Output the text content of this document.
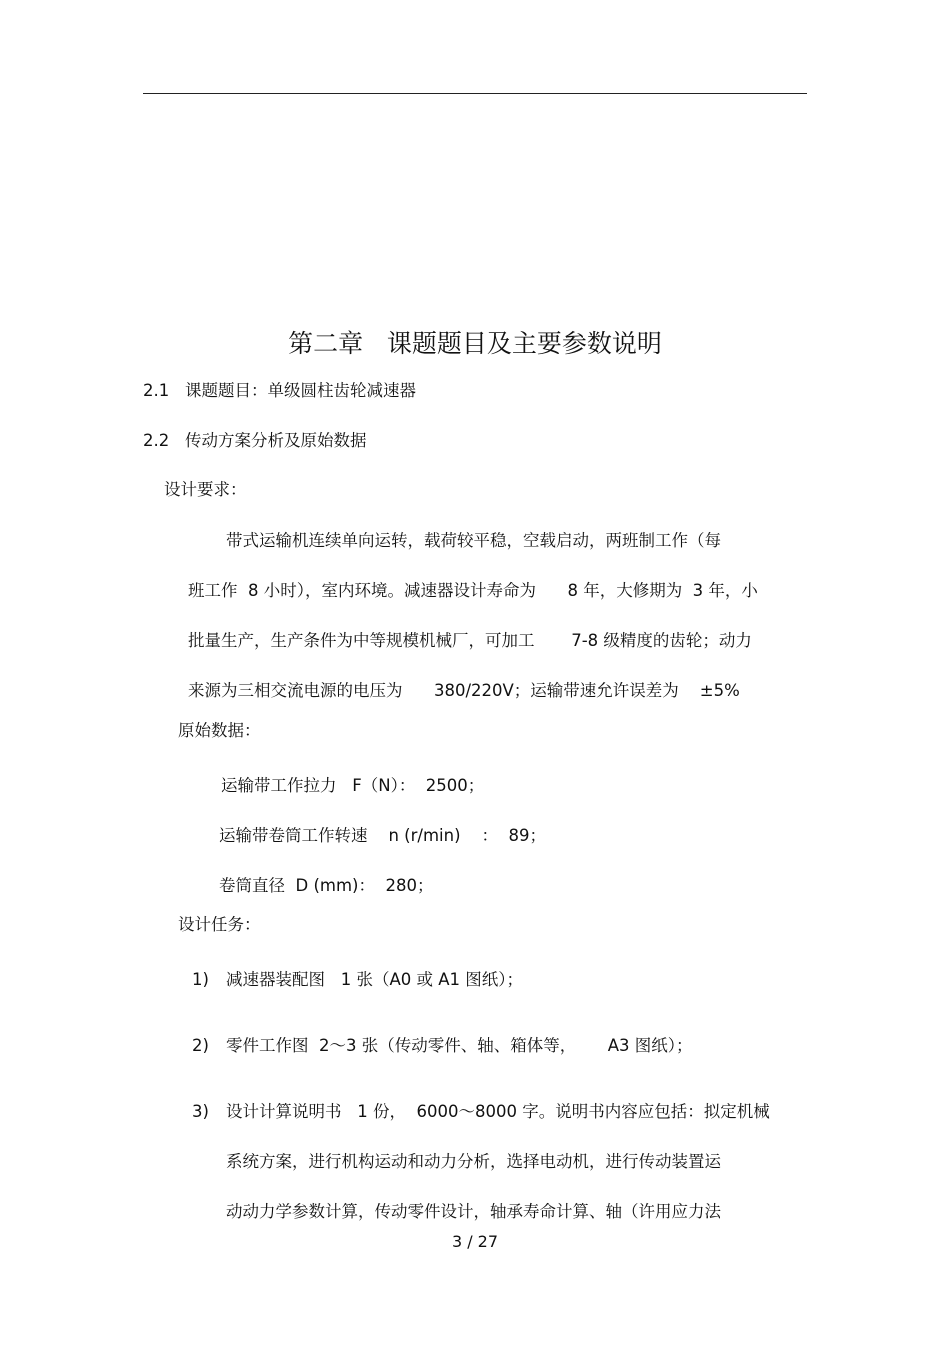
第二章   课题题目及主要参数说明
2.1   课题题目：单级圆柱齿轮减速器
2.2   传动方案分析及原始数据
设计要求：
带式运输机连续单向运转，载荷较平稳，空载启动，两班制工作（每
班工作  8 小时），室内环境。减速器设计寿命为      8 年，大修期为  3 年，小
批量生产，生产条件为中等规模机械厂，可加工       7-8 级精度的齿轮；动力
来源为三相交流电源的电压为      380/220V；运输带速允许误差为    ±5%
原始数据：
运输带工作拉力   F（N）：  2500；
运输带卷筒工作转速    n (r/min)    ：  89；
卷筒直径  D (mm)：  280；
设计任务：
1) 减速器装配图   1 张（A0 或 A1 图纸）；
2) 零件工作图  2～3 张（传动零件、轴、箱体等，      A3 图纸）；
3) 设计计算说明书   1 份，  6000～8000 字。说明书内容应包括：拟定机械
系统方案，进行机构运动和动力分析，选择电动机，进行传动装置运
动动力学参数计算，传动零件设计，轴承寿命计算、轴（许用应力法
3 / 27
